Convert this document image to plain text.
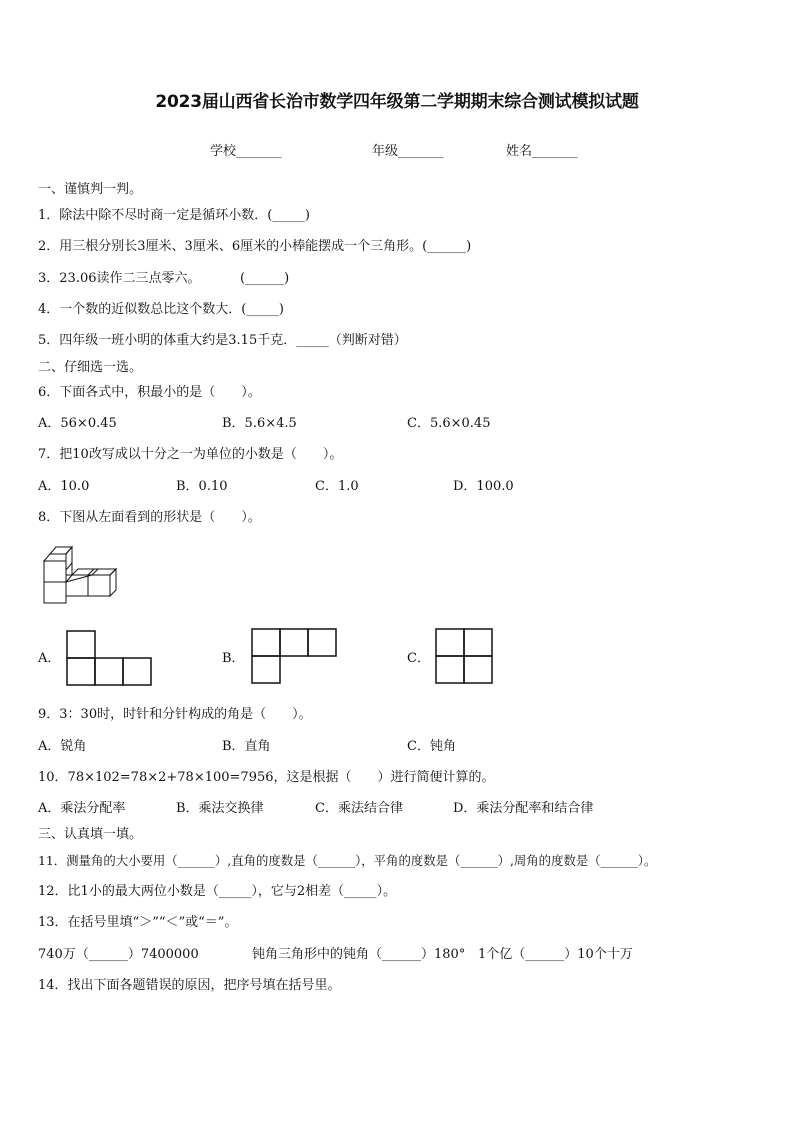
2023届山西省长治市数学四年级第二学期期末综合测试模拟试题
学校_______	年级_______	姓名_______
一、谨慎判一判。
1．除法中除不尽时商一定是循环小数．(_____)
2．用三根分别长3厘米、3厘米、6厘米的小棒能摆成一个三角形。(______)
3．23.06读作二三点零六。	(______)
4．一个数的近似数总比这个数大．(_____)
5．四年级一班小明的体重大约是3.15千克．_____（判断对错）
二、仔细选一选。
6．下面各式中，积最小的是（　　）。
A．56×0.45	B．5.6×4.5	C．5.6×0.45
7．把10改写成以十分之一为单位的小数是（　　）。
A．10.0	B．0.10	C．1.0	D．100.0
8．下图从左面看到的形状是（　　）。
A．	B．	C．
9．3：30时，时针和分针构成的角是（　　）。
A．锐角	B．直角	C．钝角
10．78×102=78×2+78×100=7956，这是根据（　　）进行简便计算的。
A．乘法分配率	B．乘法交换律	C．乘法结合律	D．乘法分配率和结合律
三、认真填一填。
11．测量角的大小要用（______）,直角的度数是（______），平角的度数是（______）,周角的度数是（______）。
12．比1小的最大两位小数是（_____），它与2相差（_____）。
13．在括号里填“＞”“＜”或“＝”。
740万（______）7400000	钝角三角形中的钝角（______）180° 1个亿（______）10个十万
14．找出下面各题错误的原因，把序号填在括号里。
